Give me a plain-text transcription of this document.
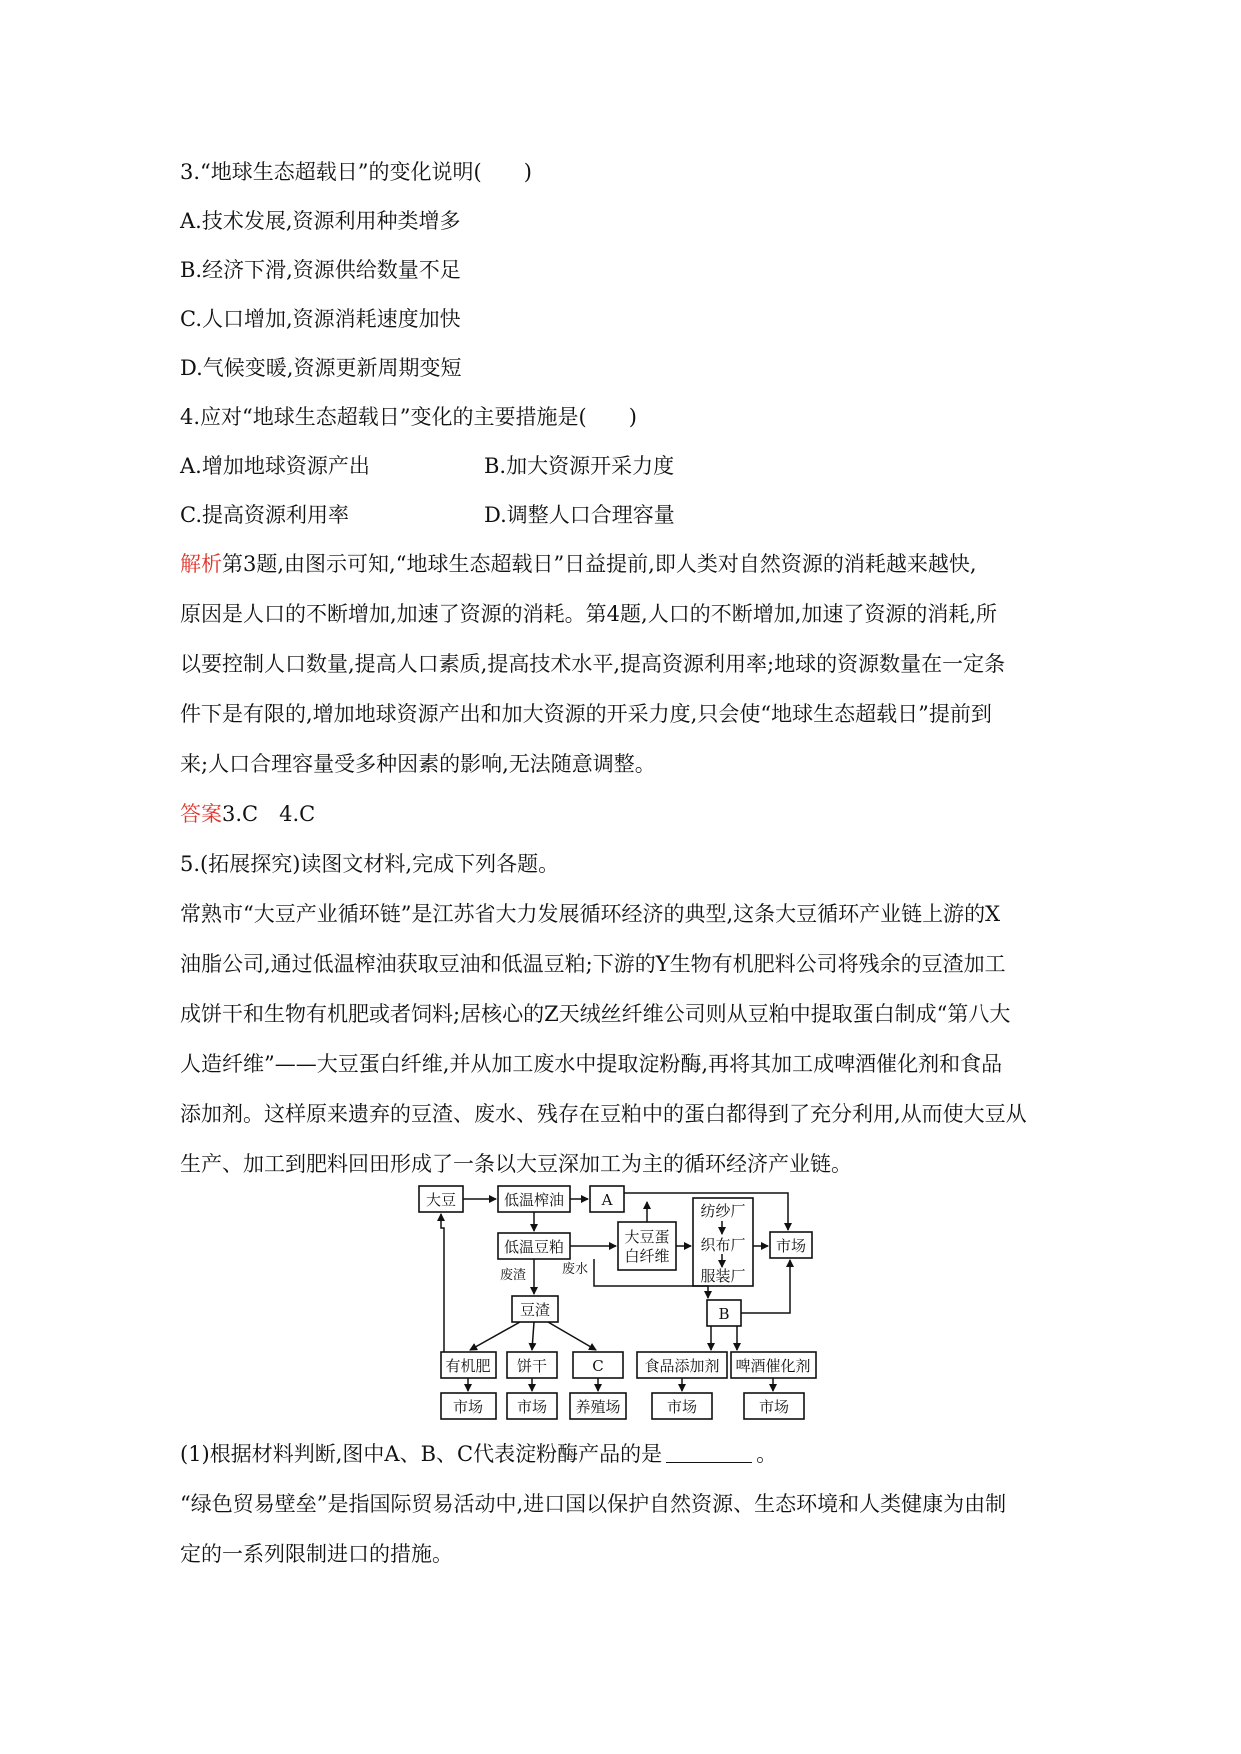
3.“地球生态超载日”的变化说明(　　)
A.技术发展,资源利用种类增多
B.经济下滑,资源供给数量不足
C.人口增加,资源消耗速度加快
D.气候变暖,资源更新周期变短
4.应对“地球生态超载日”变化的主要措施是(　　)
A.增加地球资源产出	B.加大资源开采力度
C.提高资源利用率	D.调整人口合理容量
解析第3题,由图示可知,“地球生态超载日”日益提前,即人类对自然资源的消耗越来越快,
原因是人口的不断增加,加速了资源的消耗。第4题,人口的不断增加,加速了资源的消耗,所
以要控制人口数量,提高人口素质,提高技术水平,提高资源利用率;地球的资源数量在一定条
件下是有限的,增加地球资源产出和加大资源的开采力度,只会使“地球生态超载日”提前到
来;人口合理容量受多种因素的影响,无法随意调整。
答案3.C　4.C
5.(拓展探究)读图文材料,完成下列各题。
常熟市“大豆产业循环链”是江苏省大力发展循环经济的典型,这条大豆循环产业链上游的X
油脂公司,通过低温榨油获取豆油和低温豆粕;下游的Y生物有机肥料公司将残余的豆渣加工
成饼干和生物有机肥或者饲料;居核心的Z天绒丝纤维公司则从豆粕中提取蛋白制成“第八大
人造纤维”——大豆蛋白纤维,并从加工废水中提取淀粉酶,再将其加工成啤酒催化剂和食品
添加剂。这样原来遗弃的豆渣、废水、残存在豆粕中的蛋白都得到了充分利用,从而使大豆从
生产、加工到肥料回田形成了一条以大豆深加工为主的循环经济产业链。
大豆	低温榨油	A
低温豆粕
大豆蛋
白纤维
纺纱厂
织布厂
服装厂
市场
废渣	废水
豆渣	B
有机肥 饼干	C	食品添加剂 啤酒催化剂
市场 市场 养殖场	市场	市场
(1)根据材料判断,图中A、B、C代表淀粉酶产品的是	。
“绿色贸易壁垒”是指国际贸易活动中,进口国以保护自然资源、生态环境和人类健康为由制
定的一系列限制进口的措施。
